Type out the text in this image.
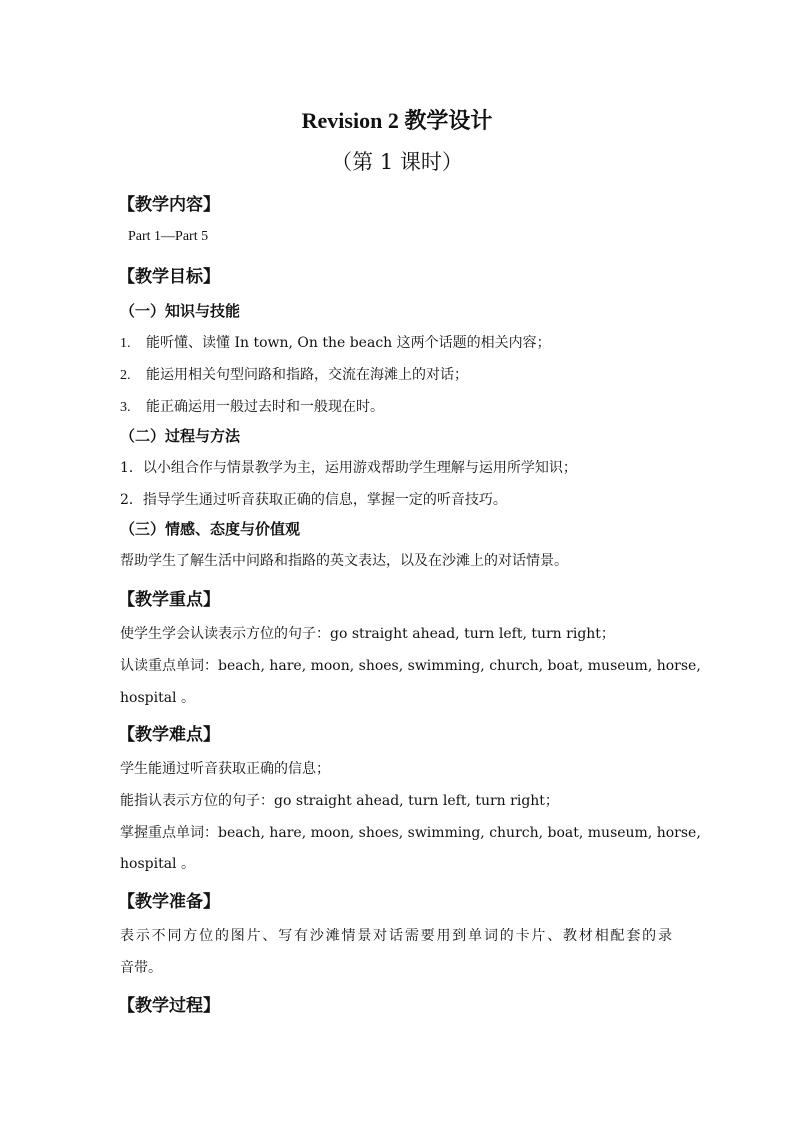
Revision 2 教学设计
（第 1 课时）
【教学内容】
Part 1—Part 5
【教学目标】
（一）知识与技能
1. 能听懂、读懂 In town, On the beach 这两个话题的相关内容；
2. 能运用相关句型问路和指路，交流在海滩上的对话；
3. 能正确运用一般过去时和一般现在时。
（二）过程与方法
1．以小组合作与情景教学为主，运用游戏帮助学生理解与运用所学知识；
2．指导学生通过听音获取正确的信息，掌握一定的听音技巧。
（三）情感、态度与价值观
帮助学生了解生活中问路和指路的英文表达，以及在沙滩上的对话情景。
【教学重点】
使学生学会认读表示方位的句子：go straight ahead, turn left, turn right；
认读重点单词：beach, hare, moon, shoes, swimming, church, boat, museum, horse,
hospital 。
【教学难点】
学生能通过听音获取正确的信息；
能指认表示方位的句子：go straight ahead, turn left, turn right；
掌握重点单词：beach, hare, moon, shoes, swimming, church, boat, museum, horse,
hospital 。
【教学准备】
表示不同方位的图片、写有沙滩情景对话需要用到单词的卡片、教材相配套的录
音带。
【教学过程】
